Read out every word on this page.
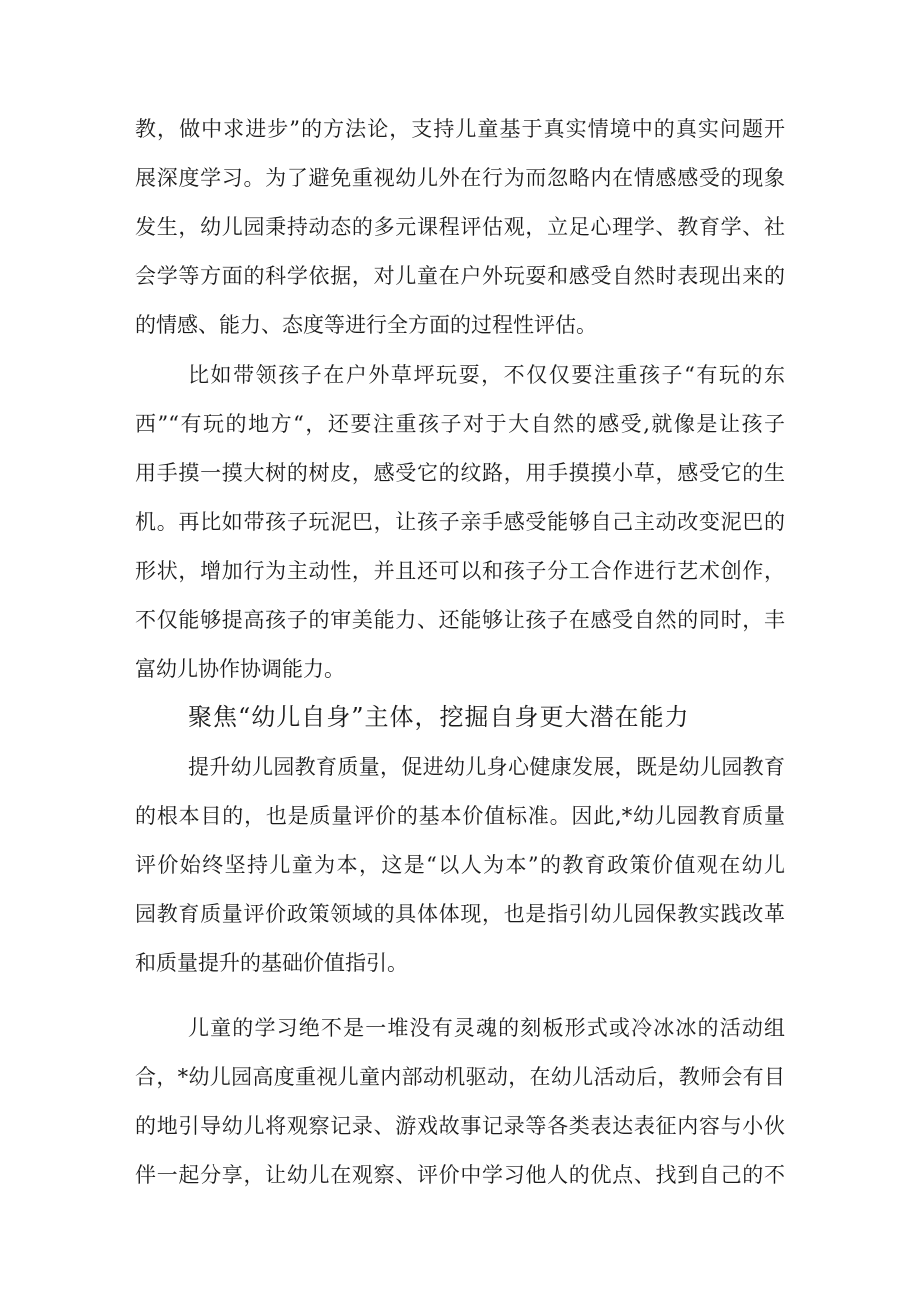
教，做中求进步”的方法论，支持儿童基于真实情境中的真实问题开
展深度学习。为了避免重视幼儿外在行为而忽略内在情感感受的现象
发生，幼儿园秉持动态的多元课程评估观，立足心理学、教育学、社
会学等方面的科学依据，对儿童在户外玩耍和感受自然时表现出来的
的情感、能力、态度等进行全方面的过程性评估。
比如带领孩子在户外草坪玩耍，不仅仅要注重孩子“有玩的东
西”“有玩的地方“，还要注重孩子对于大自然的感受,就像是让孩子
用手摸一摸大树的树皮，感受它的纹路，用手摸摸小草，感受它的生
机。再比如带孩子玩泥巴，让孩子亲手感受能够自己主动改变泥巴的
形状，增加行为主动性，并且还可以和孩子分工合作进行艺术创作，
不仅能够提高孩子的审美能力、还能够让孩子在感受自然的同时，丰
富幼儿协作协调能力。
聚焦“幼儿自身”主体，挖掘自身更大潜在能力
提升幼儿园教育质量，促进幼儿身心健康发展，既是幼儿园教育
的根本目的，也是质量评价的基本价值标准。因此,*幼儿园教育质量
评价始终坚持儿童为本，这是“以人为本”的教育政策价值观在幼儿
园教育质量评价政策领域的具体体现，也是指引幼儿园保教实践改革
和质量提升的基础价值指引。
儿童的学习绝不是一堆没有灵魂的刻板形式或冷冰冰的活动组
合，*幼儿园高度重视儿童内部动机驱动，在幼儿活动后，教师会有目
的地引导幼儿将观察记录、游戏故事记录等各类表达表征内容与小伙
伴一起分享，让幼儿在观察、评价中学习他人的优点、找到自己的不
